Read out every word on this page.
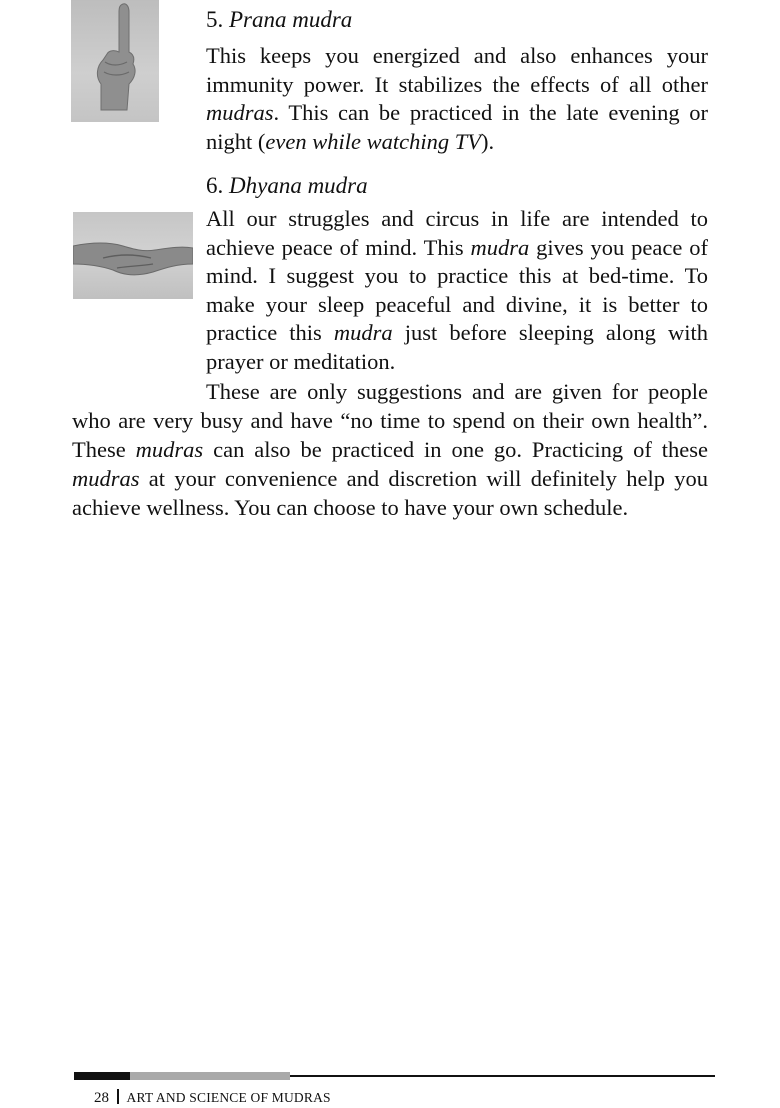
5. Prana mudra

This keeps you energized and also enhances your immunity power. It stabilizes the effects of all other mudras. This can be practiced in the late evening or night (even while watching TV).

6. Dhyana mudra

All our struggles and circus in life are intended to achieve peace of mind. This mudra gives you peace of mind. I suggest you to practice this at bed-time. To make your sleep peaceful and divine, it is better to practice this mudra just before sleeping along with prayer or meditation.

These are only suggestions and are given for people who are very busy and have “no time to spend on their own health”. These mudras can also be practiced in one go. Practicing of these mudras at your convenience and discretion will definitely help you achieve wellness. You can choose to have your own schedule.

28 ART AND SCIENCE OF MUDRAS
